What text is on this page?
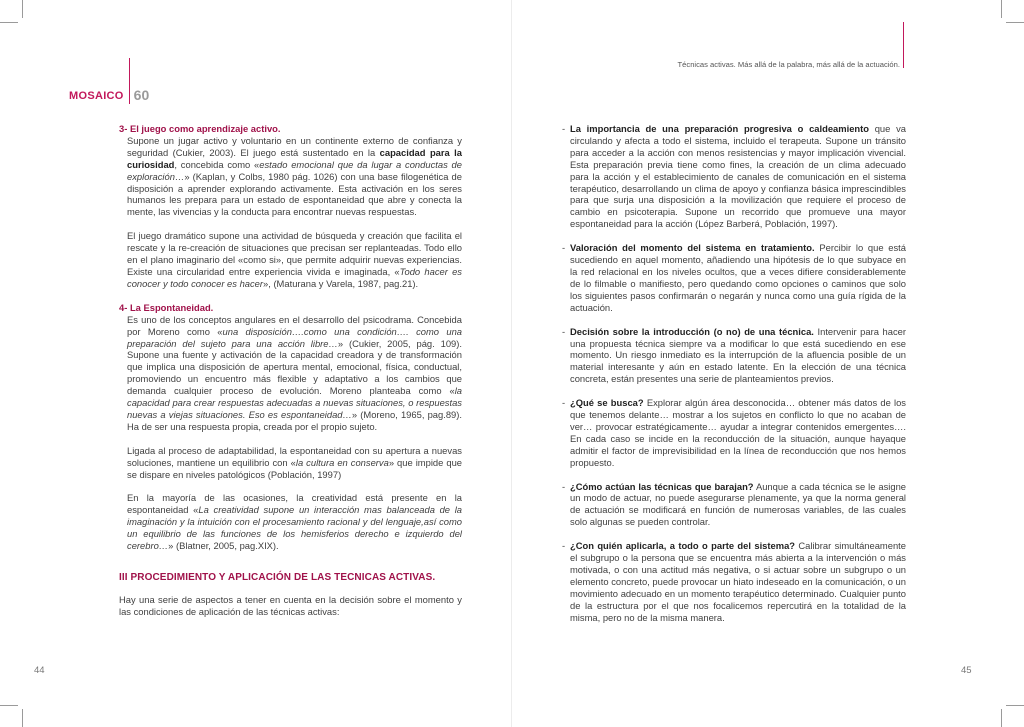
MOSAICO 60
Técnicas activas. Más allá de la palabra, más allá de la actuación.
3- El juego como aprendizaje activo.

Supone un jugar activo y voluntario en un continente externo de confianza y seguridad (Cukier, 2003). El juego está sustentado en la capacidad para la curiosidad, concebida como «estado emocional que da lugar a conductas de exploración…» (Kaplan, y Colbs, 1980 pág. 1026) con una base filogenética de disposición a aprender explorando activamente. Esta activación en los seres humanos les prepara para un estado de espontaneidad que abre y conecta la mente, las vivencias y la conducta para encontrar nuevas respuestas.

El juego dramático supone una actividad de búsqueda y creación que facilita el rescate y la re-creación de situaciones que precisan ser replanteadas. Todo ello en el plano imaginario del «como si», que permite adquirir nuevas experiencias. Existe una circularidad entre experiencia vivida e imaginada, «Todo hacer es conocer y todo conocer es hacer», (Maturana y Varela, 1987, pag.21).

4- La Espontaneidad.

Es uno de los conceptos angulares en el desarrollo del psicodrama. Concebida por Moreno como «una disposición….como una condición…. como una preparación del sujeto para una acción libre…» (Cukier, 2005, pág. 109). Supone una fuente y activación de la capacidad creadora y de transformación que implica una disposición de apertura mental, emocional, física, conductual, promoviendo un encuentro más flexible y adaptativo a los cambios que demanda cualquier proceso de evolución. Moreno planteaba como «la capacidad para crear respuestas adecuadas a nuevas situaciones, o respuestas nuevas a viejas situaciones. Eso es espontaneidad…» (Moreno, 1965, pag.89). Ha de ser una respuesta propia, creada por el propio sujeto.

Ligada al proceso de adaptabilidad, la espontaneidad con su apertura a nuevas soluciones, mantiene un equilibrio con «la cultura en conserva» que impide que se dispare en niveles patológicos (Población, 1997)

En la mayoría de las ocasiones, la creatividad está presente en la espontaneidad «La creatividad supone un interacción mas balanceada de la imaginación y la intuición con el procesamiento racional y del lenguaje,así como un equilibrio de las funciones de los hemisferios derecho e izquierdo del cerebro…» (Blatner, 2005, pag.XIX).

III PROCEDIMIENTO Y APLICACIÓN DE LAS TECNICAS ACTIVAS.

Hay una serie de aspectos a tener en cuenta en la decisión sobre el momento y las condiciones de aplicación de las técnicas activas:

- La importancia de una preparación progresiva o caldeamiento que va circulando y afecta a todo el sistema, incluido el terapeuta. Supone un tránsito para acceder a la acción con menos resistencias y mayor implicación vivencial. Esta preparación previa tiene como fines, la creación de un clima adecuado para la acción y el establecimiento de canales de comunicación en el sistema terapéutico, desarrollando un clima de apoyo y confianza básica imprescindibles para que surja una disposición a la movilización que requiere el proceso de cambio en psicoterapia. Supone un recorrido que promueve una mayor espontaneidad para la acción (López Barberá, Población, 1997).

- Valoración del momento del sistema en tratamiento. Percibir lo que está sucediendo en aquel momento, añadiendo una hipótesis de lo que subyace en la red relacional en los niveles ocultos, que a veces difiere considerablemente de lo filmable o manifiesto, pero quedando como opciones o caminos que solo los siguientes pasos confirmarán o negarán y nunca como una guía rígida de la actuación.

- Decisión sobre la introducción (o no) de una técnica. Intervenir para hacer una propuesta técnica siempre va a modificar lo que está sucediendo en ese momento. Un riesgo inmediato es la interrupción de la afluencia posible de un material interesante y aún en estado latente. En la elección de una técnica concreta, están presentes una serie de planteamientos previos.

- ¿Qué se busca? Explorar algún área desconocida… obtener más datos de los que tenemos delante… mostrar a los sujetos en conflicto lo que no acaban de ver… provocar estratégicamente… ayudar a integrar contenidos emergentes…. En cada caso se incide en la reconducción de la situación, aunque hayaque admitir el factor de imprevisibilidad en la línea de reconducción que nos hemos propuesto.

- ¿Cómo actúan las técnicas que barajan? Aunque a cada técnica se le asigne un modo de actuar, no puede asegurarse plenamente, ya que la norma general de actuación se modificará en función de numerosas variables, de las cuales solo algunas se pueden controlar.

- ¿Con quién aplicarla, a todo o parte del sistema? Calibrar simultáneamente el subgrupo o la persona que se encuentra más abierta a la intervención o más motivada, o con una actitud más negativa, o si actuar sobre un subgrupo o un elemento concreto, puede provocar un hiato indeseado en la comunicación, o un movimiento adecuado en un momento terapéutico determinado. Cualquier punto de la estructura por el que nos focalicemos repercutirá en la totalidad de la misma, pero no de la misma manera.

44	45
